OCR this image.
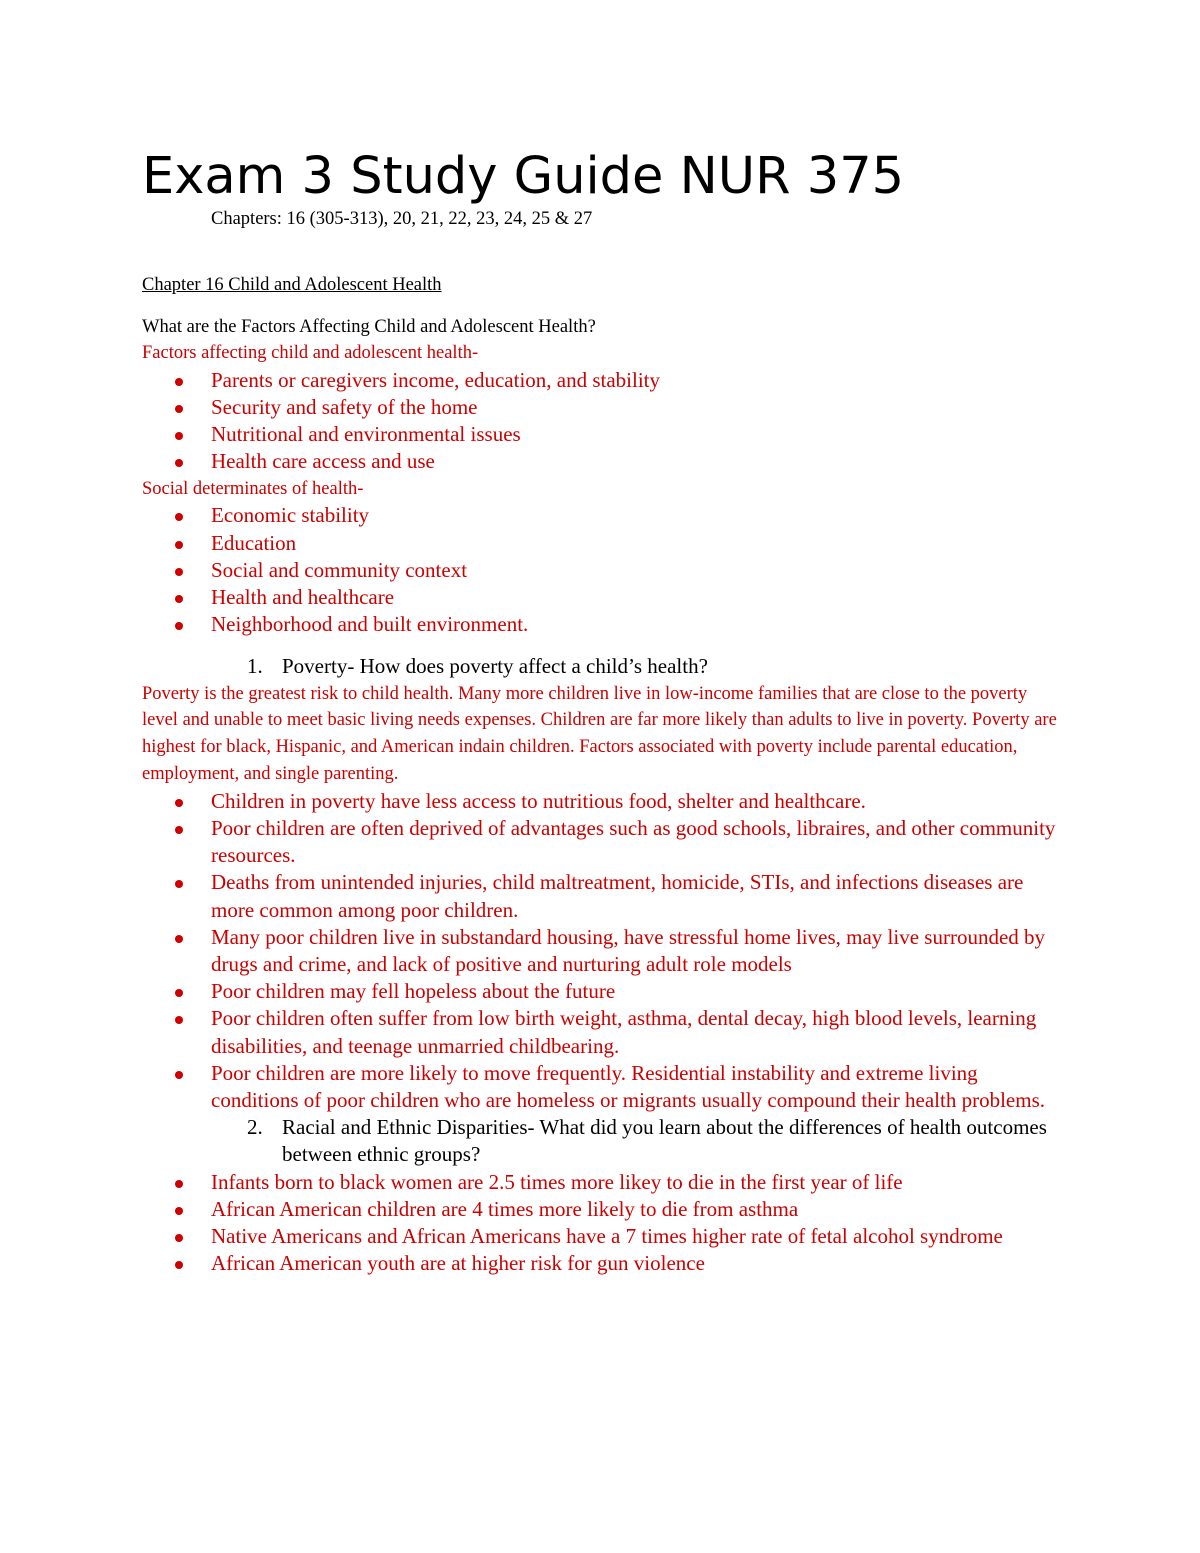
Exam 3 Study Guide NUR 375
Chapters: 16 (305-313), 20, 21, 22, 23, 24, 25 & 27
Chapter 16 Child and Adolescent Health
What are the Factors Affecting Child and Adolescent Health?

Factors affecting child and adolescent health-

Parents or caregivers income, education, and stability
Security and safety of the home
Nutritional and environmental issues
Health care access and use

Social determinates of health-

Economic stability
Education
Social and community context
Health and healthcare
Neighborhood and built environment.
1. Poverty- How does poverty affect a child’s health?

Poverty is the greatest risk to child health. Many more children live in low-income families that are close to the poverty level and unable to meet basic living needs expenses. Children are far more likely than adults to live in poverty. Poverty are highest for black, Hispanic, and American indain children. Factors associated with poverty include parental education, employment, and single parenting.

Children in poverty have less access to nutritious food, shelter and healthcare.
Poor children are often deprived of advantages such as good schools, libraires, and other community resources.
Deaths from unintended injuries, child maltreatment, homicide, STIs, and infections diseases are more common among poor children.
Many poor children live in substandard housing, have stressful home lives, may live surrounded by drugs and crime, and lack of positive and nurturing adult role models
Poor children may fell hopeless about the future
Poor children often suffer from low birth weight, asthma, dental decay, high blood levels, learning disabilities, and teenage unmarried childbearing.
Poor children are more likely to move frequently. Residential instability and extreme living conditions of poor children who are homeless or migrants usually compound their health problems.
2. Racial and Ethnic Disparities- What did you learn about the differences of health outcomes between ethnic groups?
Infants born to black women are 2.5 times more likey to die in the first year of life
African American children are 4 times more likely to die from asthma
Native Americans and African Americans have a 7 times higher rate of fetal alcohol syndrome
African American youth are at higher risk for gun violence
